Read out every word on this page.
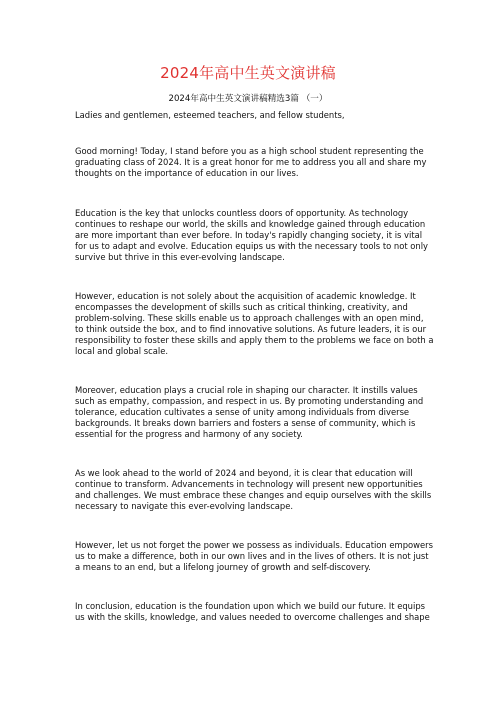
2024年高中生英文演讲稿
2024年高中生英文演讲稿精选3篇 （一）
Ladies and gentlemen, esteemed teachers, and fellow students,
Good morning! Today, I stand before you as a high school student representing the
graduating class of 2024. It is a great honor for me to address you all and share my
thoughts on the importance of education in our lives.
Education is the key that unlocks countless doors of opportunity. As technology
continues to reshape our world, the skills and knowledge gained through education
are more important than ever before. In today's rapidly changing society, it is vital
for us to adapt and evolve. Education equips us with the necessary tools to not only
survive but thrive in this ever-evolving landscape.
However, education is not solely about the acquisition of academic knowledge. It
encompasses the development of skills such as critical thinking, creativity, and
problem-solving. These skills enable us to approach challenges with an open mind,
to think outside the box, and to find innovative solutions. As future leaders, it is our
responsibility to foster these skills and apply them to the problems we face on both a
local and global scale.
Moreover, education plays a crucial role in shaping our character. It instills values
such as empathy, compassion, and respect in us. By promoting understanding and
tolerance, education cultivates a sense of unity among individuals from diverse
backgrounds. It breaks down barriers and fosters a sense of community, which is
essential for the progress and harmony of any society.
As we look ahead to the world of 2024 and beyond, it is clear that education will
continue to transform. Advancements in technology will present new opportunities
and challenges. We must embrace these changes and equip ourselves with the skills
necessary to navigate this ever-evolving landscape.
However, let us not forget the power we possess as individuals. Education empowers
us to make a difference, both in our own lives and in the lives of others. It is not just
a means to an end, but a lifelong journey of growth and self-discovery.
In conclusion, education is the foundation upon which we build our future. It equips
us with the skills, knowledge, and values needed to overcome challenges and shape
